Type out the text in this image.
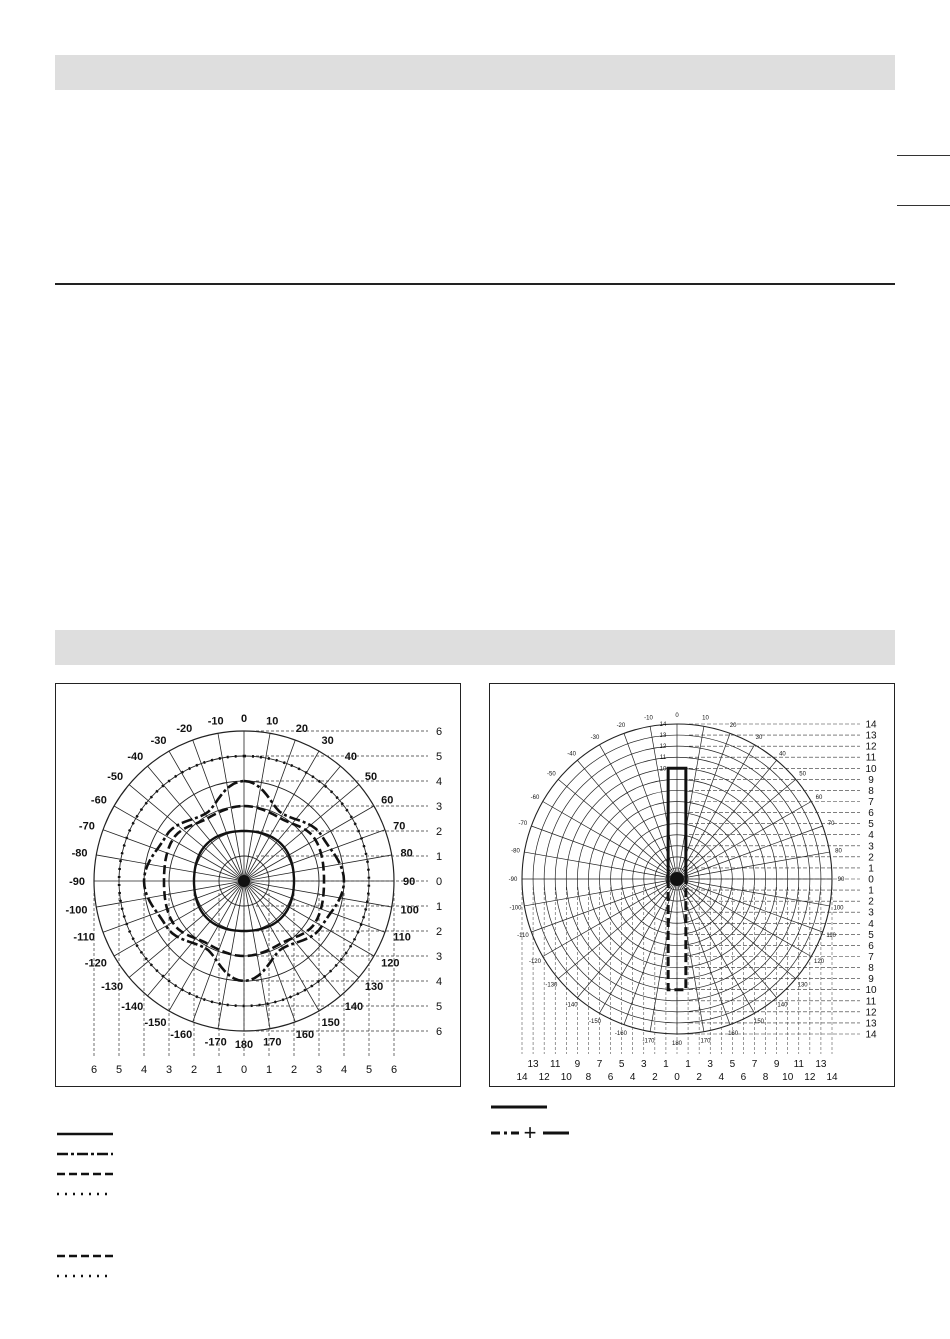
0 10
20
30
40
50
60
70
80
90
100
110
120
130
140
150
160
170
180
-170
-160
-150
-140
-130
-120
-110
-100
-90
-80
-70
-60
-50
-40
-30
-20
-10
6
5
4
3
2
1
0
1
2
3
4
5
6
6 5 4 3 2 1 0 1 2 3 4 5 6
0	10
20
30
40
50
60
70
80
90
100
110
120
130
140
150
160
170
180
-170
-160
-150
-140
-130
-120
-110
-100
-90
-80
-70
-60
-50
-40
-30
-20
-10
14
13
12
11
10
14
13
12
11
10
9
8
7
6
5
4
3
2
1
0
1
2
3
4
5
6
7
8
9
10
11
12
13
14
13 11 9 7 5 3 1 1 3 5 7 9 11 13
14 12 10 8 6 4 2 0 2 4 6 8 10 12 14
+
